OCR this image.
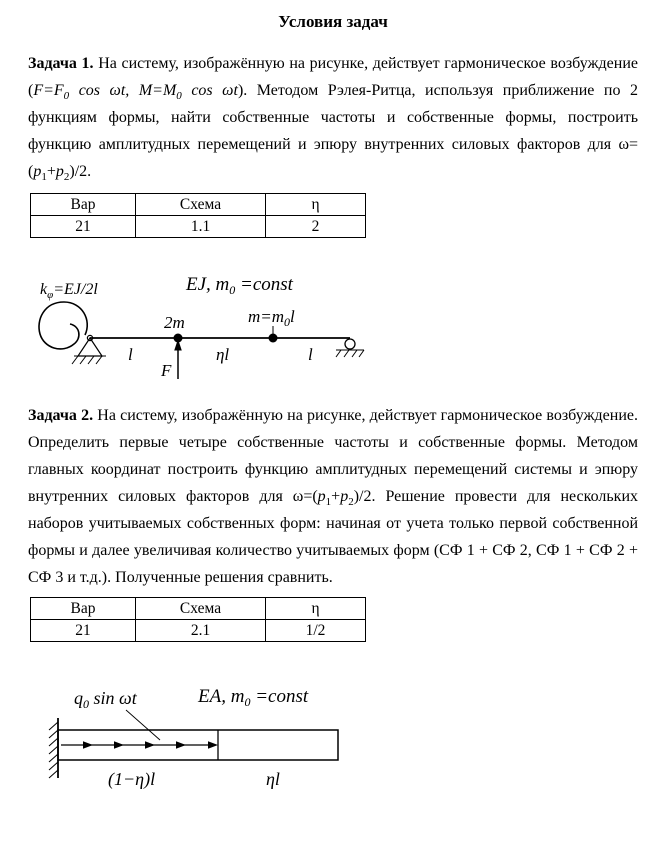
Условия задач

Задача 1. На систему, изображённую на рисунке, действует гармоническое возбуждение ($F=F_0$ cos ωt, $M=M_0$ cos ωt). Методом Рэлея-Ритца, используя приближение по 2 функциям формы, найти собственные частоты и собственные формы, построить функцию амплитудных перемещений и эпюру внутренних силовых факторов для $\omega=(p_1+p_2)/2$.

Вар	Схема	η
21	1.1	2
$k_\varphi=EJ/2l$	EJ, $m_0$ =const
2m	$m=m_0l$
F
l	ηl	l

Задача 2. На систему, изображённую на рисунке, действует гармоническое возбуждение. Определить первые четыре собственные частоты и собственные формы. Методом главных координат построить функцию амплитудных перемещений системы и эпюру внутренних силовых факторов для $\omega=(p_1+p_2)/2$. Решение провести для нескольких наборов учитываемых собственных форм: начиная от учета только первой собственной формы и далее увеличивая количество учитываемых форм (СФ 1 + СФ 2, СФ 1 + СФ 2 + СФ 3 и т.д.). Полученные решения сравнить.

Вар	Схема	η
21	2.1	1/2
$q_0$ sin ωt	EA, $m_0$ =const
(1−η)l	ηl
